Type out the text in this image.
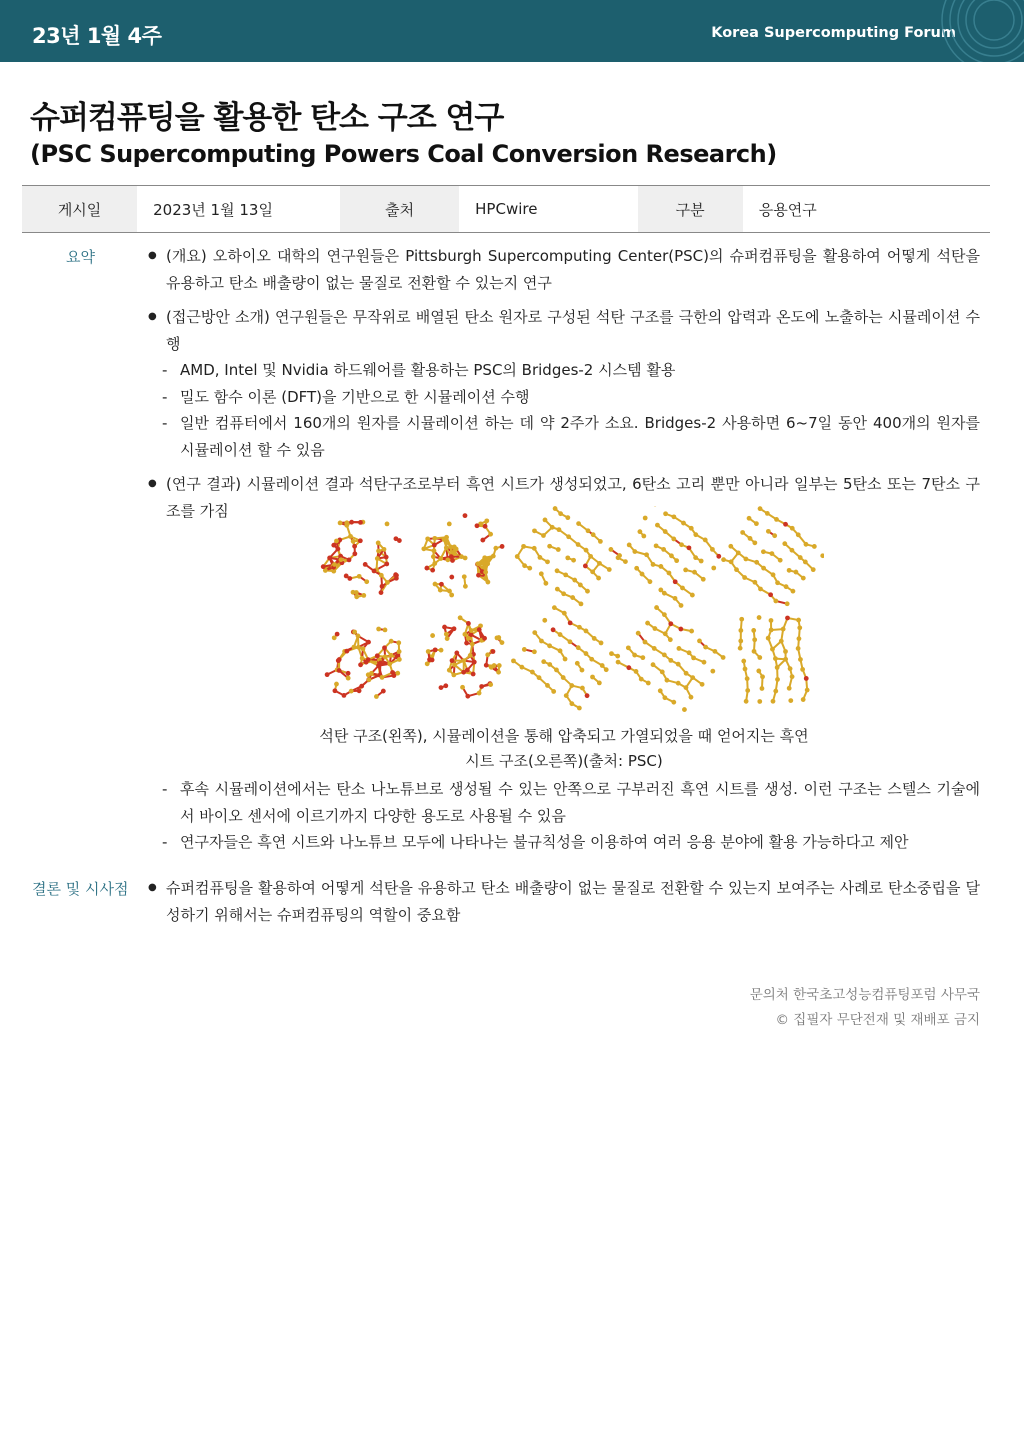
23년 1월 4주	Korea Supercomputing Forum
슈퍼컴퓨팅을 활용한 탄소 구조 연구
(PSC Supercomputing Powers Coal Conversion Research)
게시일	2023년 1월 13일	출처	HPCwire	구분	응용연구
요약	● (개요) 오하이오 대학의 연구원들은 Pittsburgh Supercomputing Center(PSC)의 슈퍼컴퓨팅을 활용하여 어떻게 석탄을 유용하고 탄소 배출량이 없는 물질로 전환할 수 있는지 연구
● (접근방안 소개) 연구원들은 무작위로 배열된 탄소 원자로 구성된 석탄 구조를 극한의 압력과 온도에 노출하는 시뮬레이션 수행
- AMD, Intel 및 Nvidia 하드웨어를 활용하는 PSC의 Bridges-2 시스템 활용
- 밀도 함수 이론 (DFT)을 기반으로 한 시뮬레이션 수행
- 일반 컴퓨터에서 160개의 원자를 시뮬레이션 하는 데 약 2주가 소요. Bridges-2 사용하면 6~7일 동안 400개의 원자를 시뮬레이션 할 수 있음
● (연구 결과) 시뮬레이션 결과 석탄구조로부터 흑연 시트가 생성되었고, 6탄소 고리 뿐만 아니라 일부는 5탄소 또는 7탄소 구조를 가짐
석탄 구조(왼쪽), 시뮬레이션을 통해 압축되고 가열되었을 때 얻어지는 흑연
시트 구조(오른쪽)(출처: PSC)
- 후속 시뮬레이션에서는 탄소 나노튜브로 생성될 수 있는 안쪽으로 구부러진 흑연 시트를 생성. 이런 구조는 스텔스 기술에서 바이오 센서에 이르기까지 다양한 용도로 사용될 수 있음
- 연구자들은 흑연 시트와 나노튜브 모두에 나타나는 불규칙성을 이용하여 여러 응용 분야에 활용 가능하다고 제안
결론 및 시사점	● 슈퍼컴퓨팅을 활용하여 어떻게 석탄을 유용하고 탄소 배출량이 없는 물질로 전환할 수 있는지 보여주는 사례로 탄소중립을 달성하기 위해서는 슈퍼컴퓨팅의 역할이 중요함
문의처 한국초고성능컴퓨팅포럼 사무국
© 집필자 무단전재 및 재배포 금지
